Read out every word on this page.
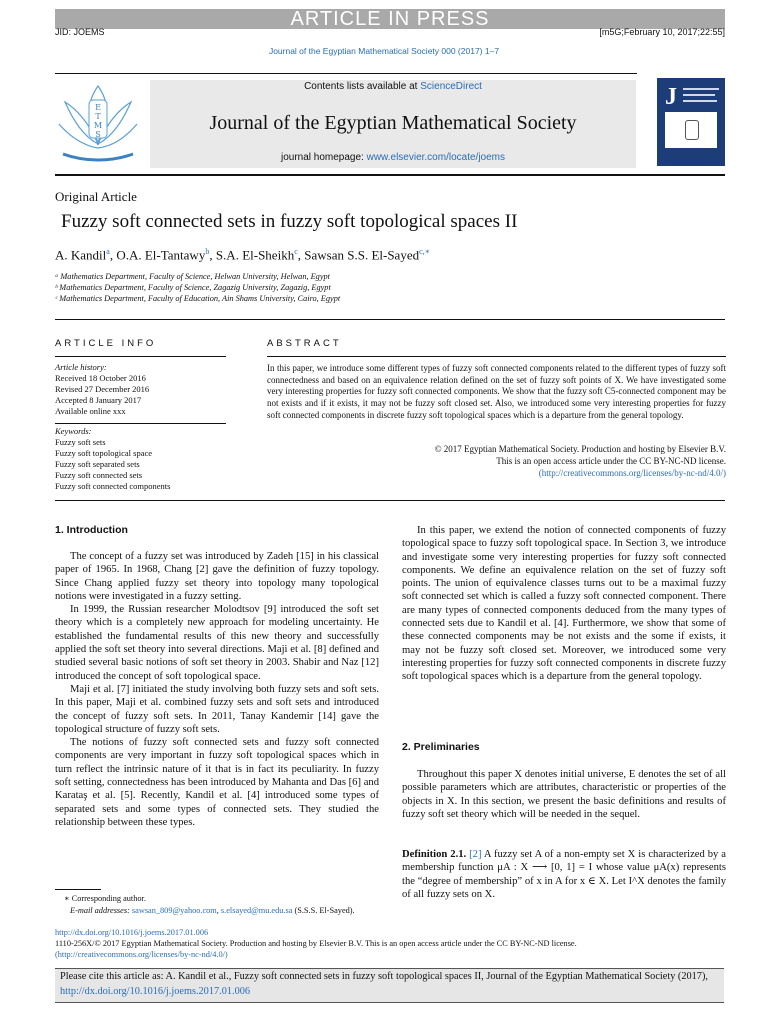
ARTICLE IN PRESS
JID: JOEMS	[m5G;February 10, 2017;22:55]
Journal of the Egyptian Mathematical Society 000 (2017) 1–7
E
T
M
S
Contents lists available at ScienceDirect
Journal of the Egyptian Mathematical Society
journal homepage: www.elsevier.com/locate/joems
J
Original Article
Fuzzy soft connected sets in fuzzy soft topological spaces II
A. Kandil$^a$, O.A. El-Tantawy$^b$, S.A. El-Sheikh$^c$, Sawsan S.S. El-Sayed$^{c,∗}$
ᵃ Mathematics Department, Faculty of Science, Helwan University, Helwan, Egypt
ᵇ Mathematics Department, Faculty of Science, Zagazig University, Zagazig, Egypt
ᶜ Mathematics Department, Faculty of Education, Ain Shams University, Cairo, Egypt
ARTICLE INFO
Article history:
Received 18 October 2016
Revised 27 December 2016
Accepted 8 January 2017
Available online xxx
Keywords:
Fuzzy soft sets
Fuzzy soft topological space
Fuzzy soft separated sets
Fuzzy soft connected sets
Fuzzy soft connected components
ABSTRACT
In this paper, we introduce some different types of fuzzy soft connected components related to the different types of fuzzy soft connectedness and based on an equivalence relation defined on the set of fuzzy soft points of X. We have investigated some very interesting properties for fuzzy soft connected components. We show that the fuzzy soft C5-connected component may be not exists and if it exists, it may not be fuzzy soft closed set. Also, we introduced some very interesting properties for fuzzy soft connected components in discrete fuzzy soft topological spaces which is a departure from the general topology.
© 2017 Egyptian Mathematical Society. Production and hosting by Elsevier B.V.
This is an open access article under the CC BY-NC-ND license.
(http://creativecommons.org/licenses/by-nc-nd/4.0/)
1. Introduction

The concept of a fuzzy set was introduced by Zadeh [15] in his classical paper of 1965. In 1968, Chang [2] gave the definition of fuzzy topology. Since Chang applied fuzzy set theory into topology many topological notions were investigated in a fuzzy setting.

In 1999, the Russian researcher Molodtsov [9] introduced the soft set theory which is a completely new approach for modeling uncertainty. He established the fundamental results of this new theory and successfully applied the soft set theory into several directions. Maji et al. [8] defined and studied several basic notions of soft set theory in 2003. Shabir and Naz [12] introduced the concept of soft topological space.

Maji et al. [7] initiated the study involving both fuzzy sets and soft sets. In this paper, Maji et al. combined fuzzy sets and soft sets and introduced the concept of fuzzy soft sets. In 2011, Tanay Kandemir [14] gave the topological structure of fuzzy soft sets.

The notions of fuzzy soft connected sets and fuzzy soft connected components are very important in fuzzy soft topological spaces which in turn reflect the intrinsic nature of it that is in fact its peculiarity. In fuzzy soft setting, connectedness has been introduced by Mahanta and Das [6] and Karataş et al. [5]. Recently, Kandil et al. [4] introduced some types of separated sets and some types of connected sets. They studied the relationship between these types.

In this paper, we extend the notion of connected components of fuzzy topological space to fuzzy soft topological space. In Section 3, we introduce and investigate some very interesting properties for fuzzy soft connected components. We define an equivalence relation on the set of fuzzy soft points. The union of equivalence classes turns out to be a maximal fuzzy soft connected set which is called a fuzzy soft connected component. There are many types of connected components deduced from the many types of connected sets due to Kandil et al. [4]. Furthermore, we show that some of these connected components may be not exists and the some if exists, it may not be fuzzy soft closed set. Moreover, we introduced some very interesting properties for fuzzy soft connected components in discrete fuzzy soft topological spaces which is a departure from the general topology.

2. Preliminaries

Throughout this paper X denotes initial universe, E denotes the set of all possible parameters which are attributes, characteristic or properties of the objects in X. In this section, we present the basic definitions and results of fuzzy soft set theory which will be needed in the sequel.

Definition 2.1. [2] A fuzzy set A of a non-empty set X is characterized by a membership function μA : X ⟶ [0, 1] = I whose value μA(x) represents the “degree of membership” of x in A for x ∈ X. Let I^X denotes the family of all fuzzy sets on X.
∗ Corresponding author.
E-mail addresses: sawsan_809@yahoo.com, s.elsayed@mu.edu.sa (S.S.S. El-Sayed).
http://dx.doi.org/10.1016/j.joems.2017.01.006
1110-256X/© 2017 Egyptian Mathematical Society. Production and hosting by Elsevier B.V. This is an open access article under the CC BY-NC-ND license.
(http://creativecommons.org/licenses/by-nc-nd/4.0/)
Please cite this article as: A. Kandil et al., Fuzzy soft connected sets in fuzzy soft topological spaces II, Journal of the Egyptian Mathematical Society (2017), http://dx.doi.org/10.1016/j.joems.2017.01.006
